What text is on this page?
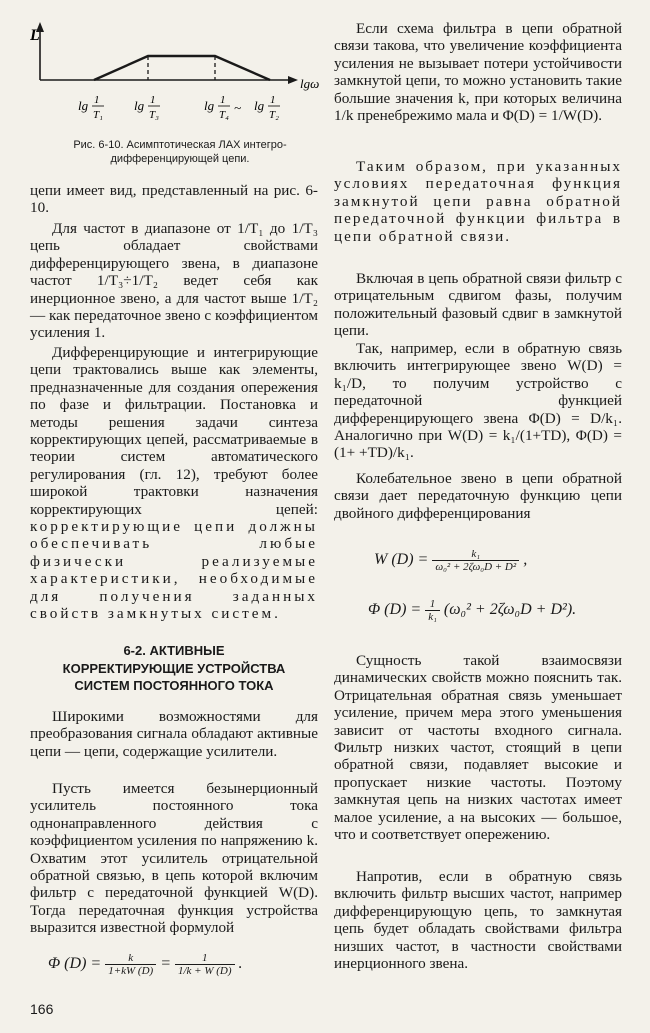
L
lgω
lg 1
T₁
lg 1
T₃
lg 1
T₄ ~ lg 1
T₂

Рис. 6-10. Асимптотическая ЛАХ интегро-
дифференцирующей цепи.

цепи имеет вид, представленный на рис. 6-10.

Для частот в диапазоне от 1/T₁ до 1/T₃ цепь обладает свойствами дифференцирующего звена, в диапазоне частот 1/T₃÷1/T₂ ведет себя как инерционное звено, а для частот выше 1/T₂ — как передаточное звено с коэффициентом усиления 1.

Дифференцирующие и интегрирующие цепи трактовались выше как элементы, предназначенные для создания опережения по фазе и фильтрации. Постановка и методы решения задачи синтеза корректирующих цепей, рассматриваемые в теории систем автоматического регулирования (гл. 12), требуют более широкой трактовки назначения корректирующих цепей: корректирующие цепи должны обеспечивать любые физически реализуемые характеристики, необходимые для получения заданных свойств замкнутых систем.

6-2. АКТИВНЫЕ
КОРРЕКТИРУЮЩИЕ УСТРОЙСТВА
СИСТЕМ ПОСТОЯННОГО ТОКА

Широкими возможностями для преобразования сигнала обладают активные цепи — цепи, содержащие усилители.

Пусть имеется безынерционный усилитель постоянного тока однонаправленного действия с коэффициентом усиления по напряжению k. Охватим этот усилитель отрицательной обратной связью, в цепь которой включим фильтр с передаточной функцией W(D). Тогда передаточная функция устройства выразится известной формулой

Φ $(D) = \frac{k}{1+kW (D)} = \frac{1}{1/k + W (D)}$ .

Если схема фильтра в цепи обратной связи такова, что увеличение коэффициента усиления не вызывает потери устойчивости замкнутой цепи, то можно установить такие большие значения k, при которых величина 1/k пренебрежимо мала и Φ(D) = 1/W(D).

Таким образом, при указанных условиях передаточная функция замкнутой цепи равна обратной передаточной функции фильтра в цепи обратной связи.

Включая в цепь обратной связи фильтр с отрицательным сдвигом фазы, получим положительный фазовый сдвиг в замкнутой цепи.

Так, например, если в обратную связь включить интегрирующее звено W(D) = k₁/D, то получим устройство с передаточной функцией дифференцирующего звена Φ(D) = D/k₁. Аналогично при W(D) = k₁/(1+TD), Φ(D) = (1+ +TD)/k₁.

Колебательное звено в цепи обратной связи дает передаточную функцию цепи двойного дифференцирования

W $(D) = \frac{\text{k₁}}{\text{ω₀² + 2ζω₀D + D²}}$ ,
Φ $(D) = \frac{1}{\text{k₁}} (\omega_0^2 + 2\zeta\omega_0D + D^2)$.

Сущность такой взаимосвязи динамических свойств можно пояснить так. Отрицательная обратная связь уменьшает усиление, причем мера этого уменьшения зависит от частоты входного сигнала. Фильтр низких частот, стоящий в цепи обратной связи, подавляет высокие и пропускает низкие частоты. Поэтому замкнутая цепь на низких частотах имеет малое усиление, а на высоких — большое, что и соответствует опережению.

Напротив, если в обратную связь включить фильтр высших частот, например дифференцирующую цепь, то замкнутая цепь будет обладать свойствами фильтра низших частот, в частности свойствами инерционного звена.

166
